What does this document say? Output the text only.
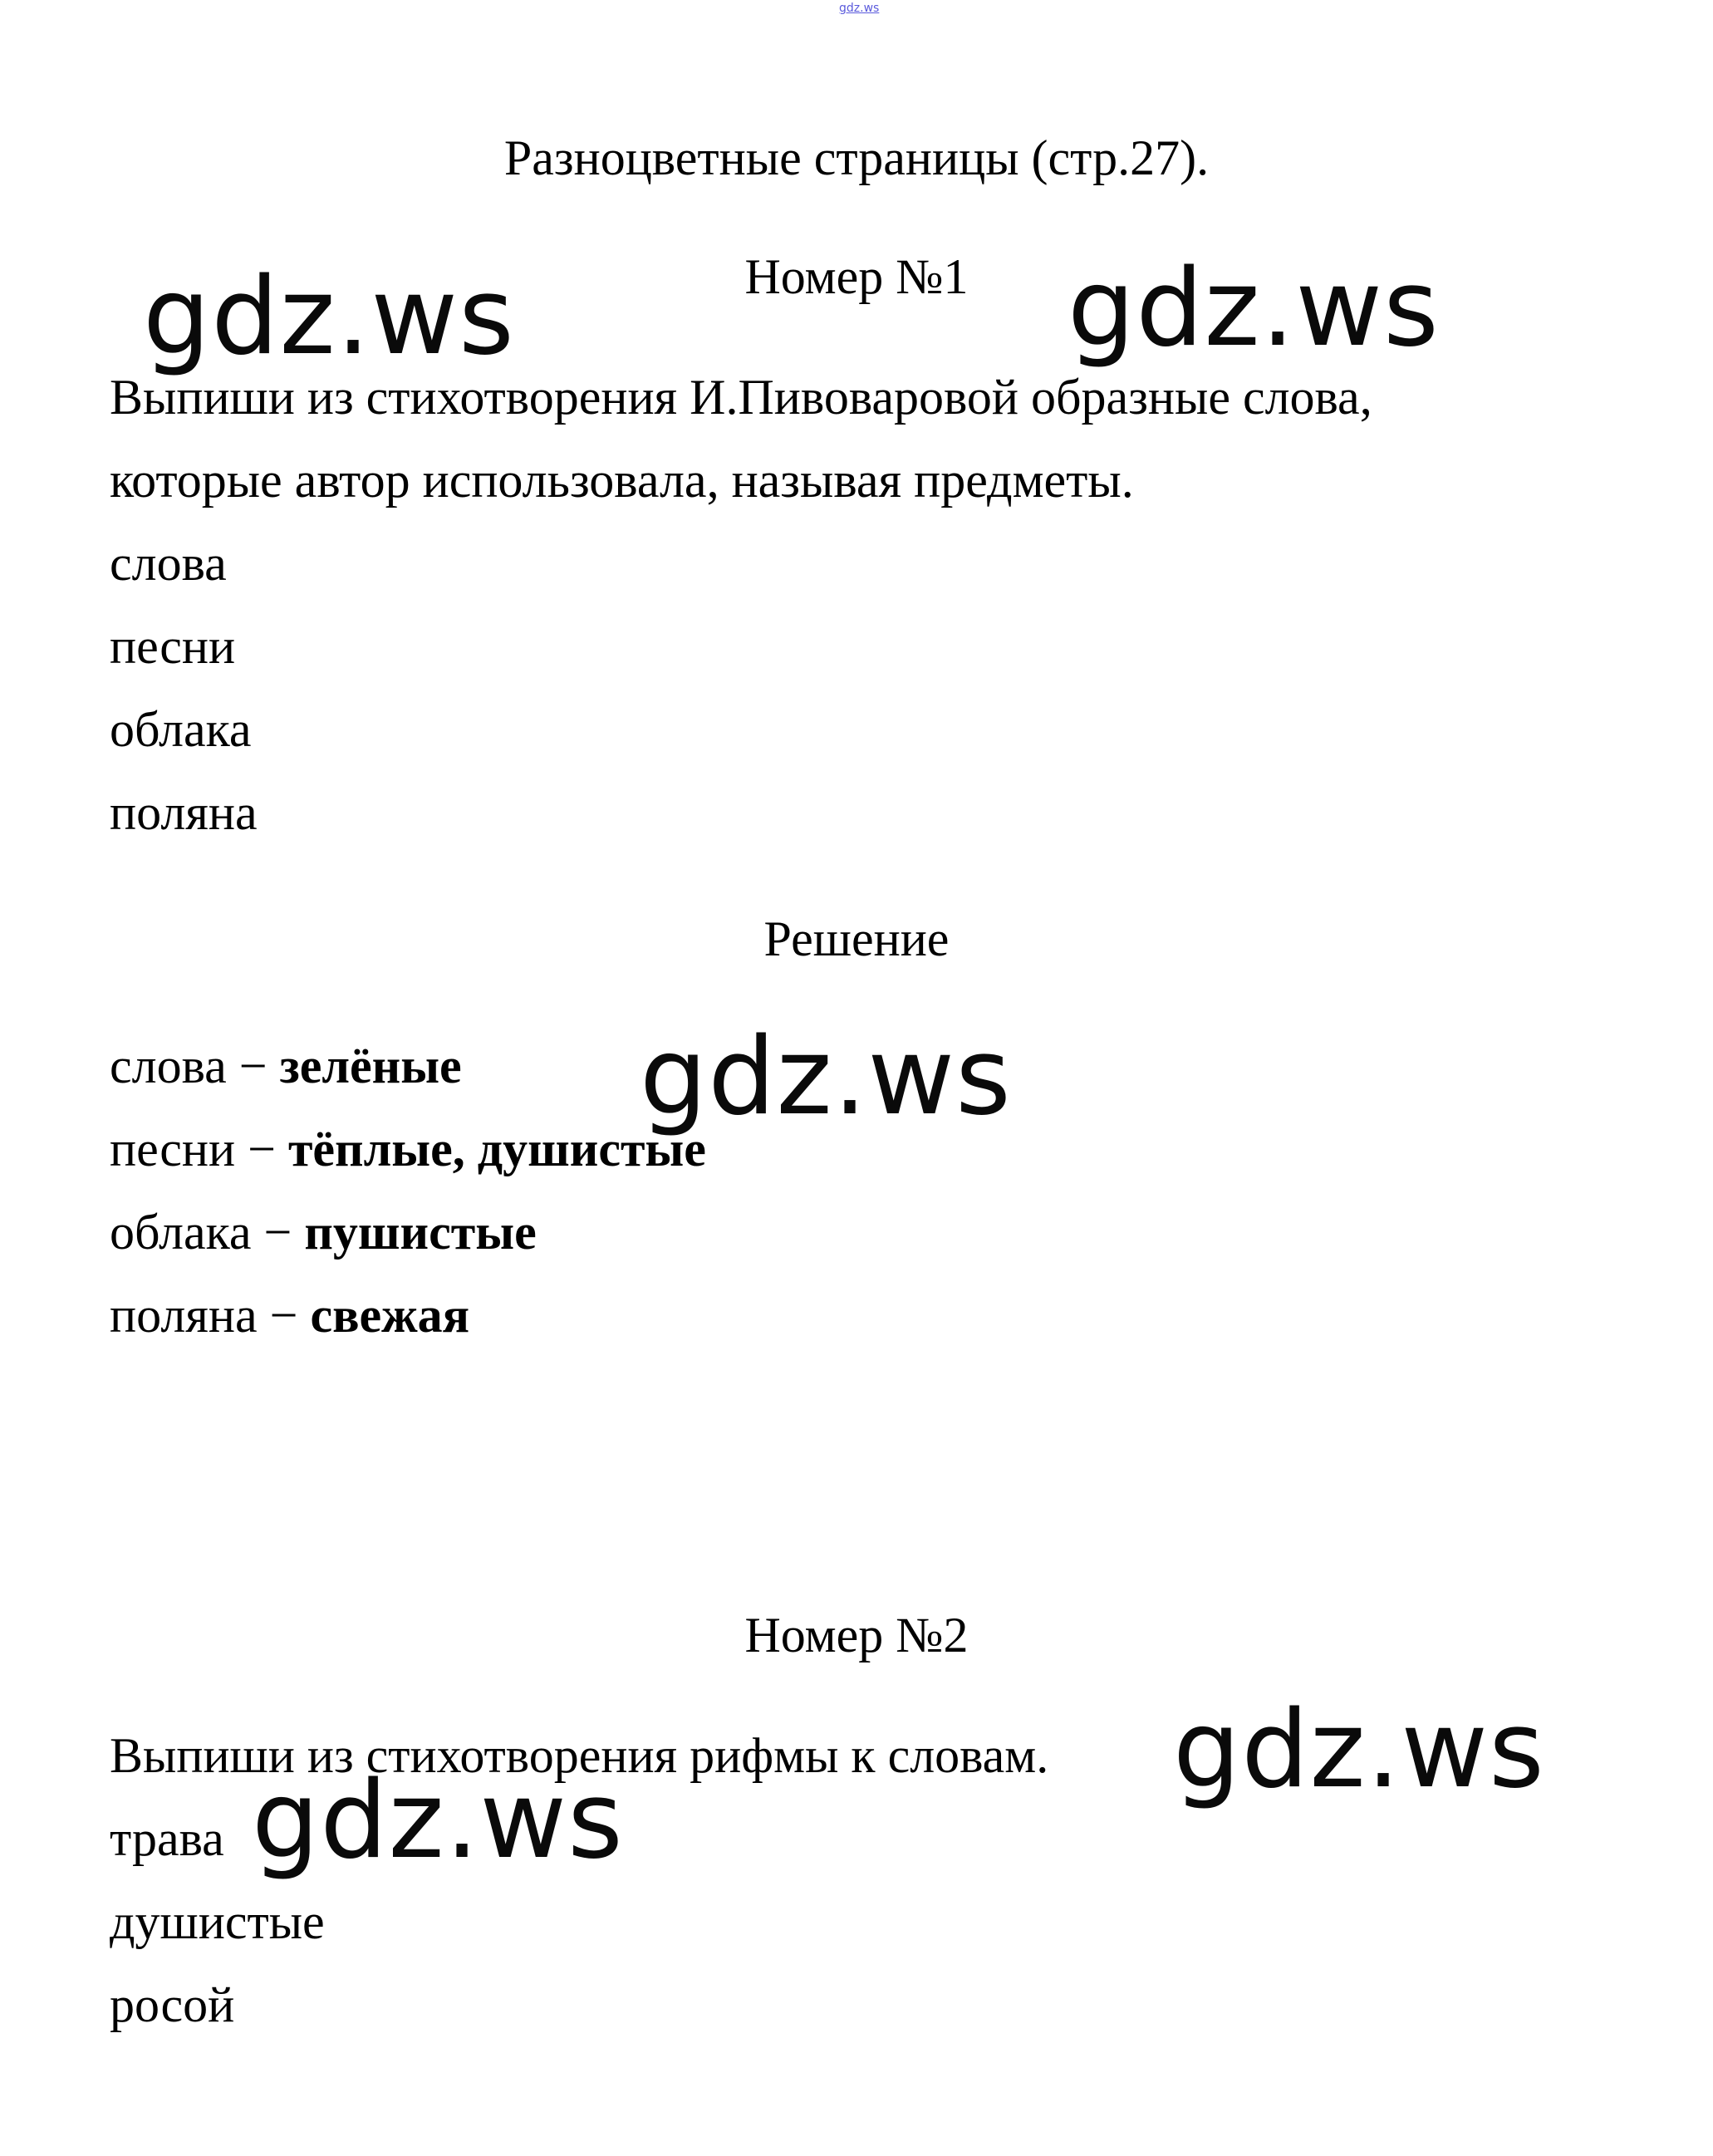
gdz.ws
Разноцветные страницы (стр.27).
Номер №1
Выпиши из стихотворения И.Пивоваровой образные слова,
которые автор использовала, называя предметы.
слова
песни
облака
поляна
Решение
слова − зелёные
песни − тёплые, душистые
облака − пушистые
поляна − свежая
Номер №2
Выпиши из стихотворения рифмы к словам.
трава
душистые
росой
gdz.ws	gdz.ws
gdz.ws
gdz.ws
gdz.ws
